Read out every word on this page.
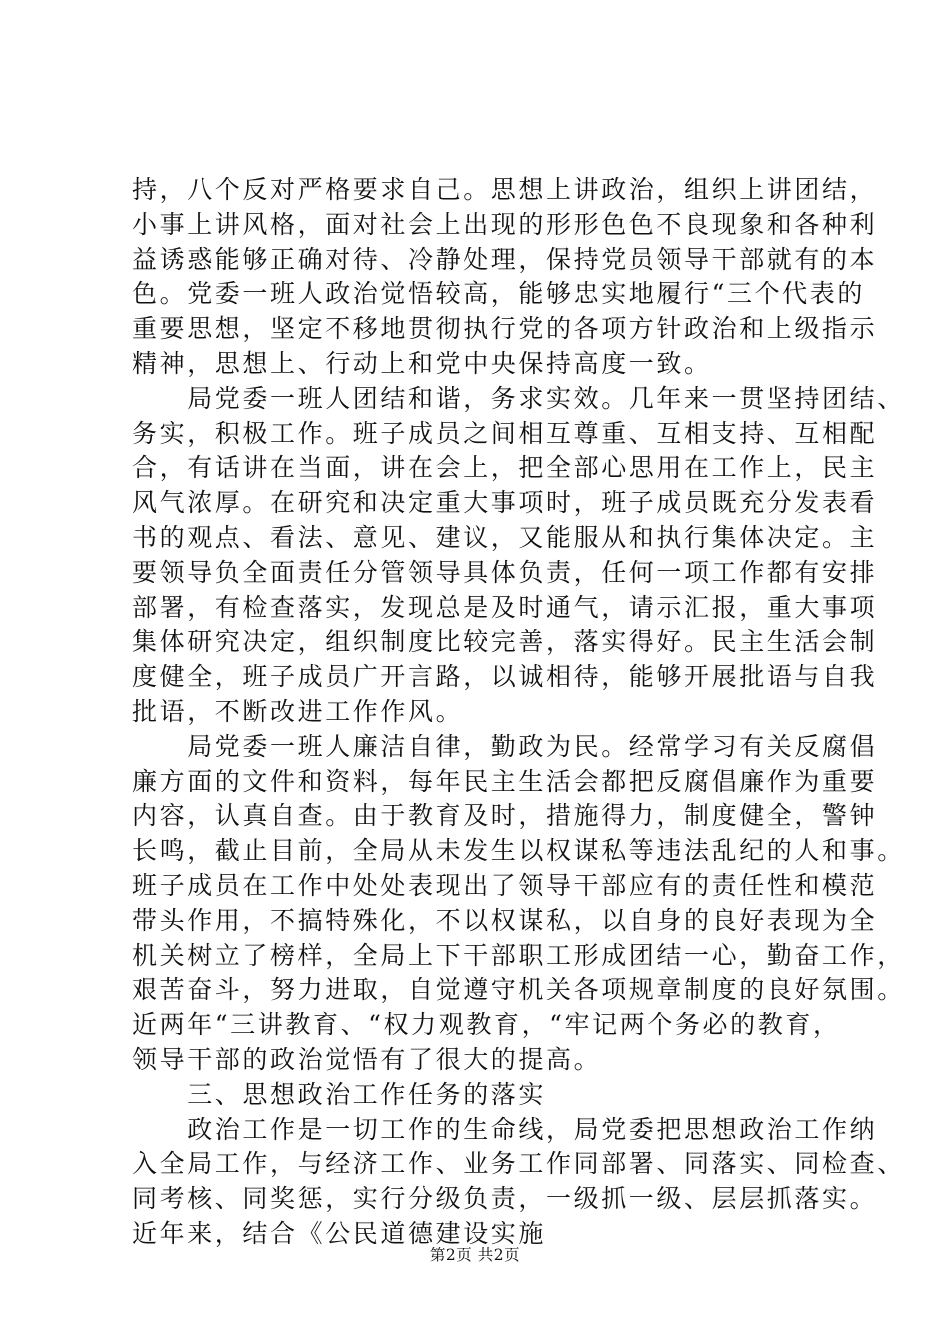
持，八个反对严格要求自己。思想上讲政治，组织上讲团结，
小事上讲风格，面对社会上出现的形形色色不良现象和各种利
益诱惑能够正确对待、冷静处理，保持党员领导干部就有的本
色。党委一班人政治觉悟较高，能够忠实地履行“三个代表的
重要思想，坚定不移地贯彻执行党的各项方针政治和上级指示
精神，思想上、行动上和党中央保持高度一致。
　　局党委一班人团结和谐，务求实效。几年来一贯坚持团结、
务实，积极工作。班子成员之间相互尊重、互相支持、互相配
合，有话讲在当面，讲在会上，把全部心思用在工作上，民主
风气浓厚。在研究和决定重大事项时，班子成员既充分发表看
书的观点、看法、意见、建议，又能服从和执行集体决定。主
要领导负全面责任分管领导具体负责，任何一项工作都有安排
部署，有检查落实，发现总是及时通气，请示汇报，重大事项
集体研究决定，组织制度比较完善，落实得好。民主生活会制
度健全，班子成员广开言路，以诚相待，能够开展批语与自我
批语，不断改进工作作风。
　　局党委一班人廉洁自律，勤政为民。经常学习有关反腐倡
廉方面的文件和资料，每年民主生活会都把反腐倡廉作为重要
内容，认真自查。由于教育及时，措施得力，制度健全，警钟
长鸣，截止目前，全局从未发生以权谋私等违法乱纪的人和事。
班子成员在工作中处处表现出了领导干部应有的责任性和模范
带头作用，不搞特殊化，不以权谋私，以自身的良好表现为全
机关树立了榜样，全局上下干部职工形成团结一心，勤奋工作，
艰苦奋斗，努力进取，自觉遵守机关各项规章制度的良好氛围。
近两年“三讲教育、“权力观教育，“牢记两个务必的教育，
领导干部的政治觉悟有了很大的提高。
　　三、思想政治工作任务的落实
　　政治工作是一切工作的生命线，局党委把思想政治工作纳
入全局工作，与经济工作、业务工作同部署、同落实、同检查、
同考核、同奖惩，实行分级负责，一级抓一级、层层抓落实。
近年来，结合《公民道德建设实施
第2页 共2页
